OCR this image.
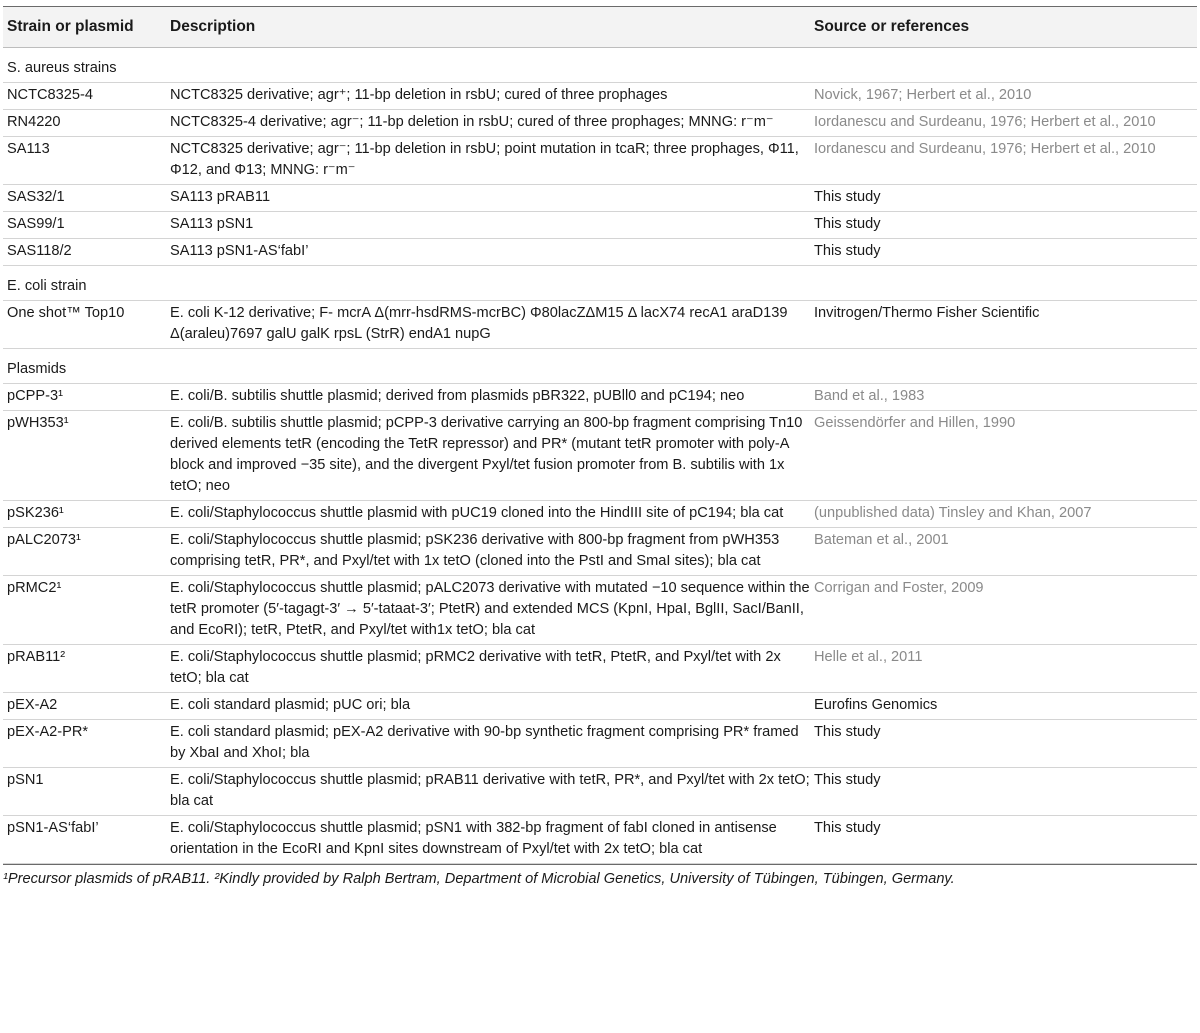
Strain or plasmid	Description	Source or references
S. aureus strains		
NCTC8325-4	NCTC8325 derivative; agr⁺; 11-bp deletion in rsbU; cured of three prophages	Novick, 1967; Herbert et al., 2010
RN4220	NCTC8325-4 derivative; agr⁻; 11-bp deletion in rsbU; cured of three prophages; MNNG: r⁻m⁻	Iordanescu and Surdeanu, 1976; Herbert et al., 2010
SA113	NCTC8325 derivative; agr⁻; 11-bp deletion in rsbU; point mutation in tcaR; three prophages, Φ11, Φ12, and Φ13; MNNG: r⁻m⁻	Iordanescu and Surdeanu, 1976; Herbert et al., 2010
SAS32/1	SA113 pRAB11	This study
SAS99/1	SA113 pSN1	This study
SAS118/2	SA113 pSN1-AS‘fabI’	This study
E. coli strain		
One shot™ Top10	E. coli K-12 derivative; F- mcrA Δ(mrr-hsdRMS-mcrBC) Φ80lacZΔM15 Δ lacX74 recA1 araD139 Δ(araleu)7697 galU galK rpsL (StrR) endA1 nupG	Invitrogen/Thermo Fisher Scientific
Plasmids		
pCPP-3¹	E. coli/B. subtilis shuttle plasmid; derived from plasmids pBR322, pUBll0 and pC194; neo	Band et al., 1983
pWH353¹	E. coli/B. subtilis shuttle plasmid; pCPP-3 derivative carrying an 800-bp fragment comprising Tn10 derived elements tetR (encoding the TetR repressor) and PR* (mutant tetR promoter with poly-A block and improved −35 site), and the divergent Pxyl/tet fusion promoter from B. subtilis with 1x tetO; neo	Geissendörfer and Hillen, 1990
pSK236¹	E. coli/Staphylococcus shuttle plasmid with pUC19 cloned into the HindIII site of pC194; bla cat	(unpublished data) Tinsley and Khan, 2007
pALC2073¹	E. coli/Staphylococcus shuttle plasmid; pSK236 derivative with 800-bp fragment from pWH353 comprising tetR, PR*, and Pxyl/tet with 1x tetO (cloned into the PstI and SmaI sites); bla cat	Bateman et al., 2001
pRMC2¹	E. coli/Staphylococcus shuttle plasmid; pALC2073 derivative with mutated −10 sequence within the tetR promoter (5′-tagagt-3′ → 5′-tataat-3′; PtetR) and extended MCS (KpnI, HpaI, BglII, SacI/BanII, and EcoRI); tetR, PtetR, and Pxyl/tet with1x tetO; bla cat	Corrigan and Foster, 2009
pRAB11²	E. coli/Staphylococcus shuttle plasmid; pRMC2 derivative with tetR, PtetR, and Pxyl/tet with 2x tetO; bla cat	Helle et al., 2011
pEX-A2	E. coli standard plasmid; pUC ori; bla	Eurofins Genomics
pEX-A2-PR*	E. coli standard plasmid; pEX-A2 derivative with 90-bp synthetic fragment comprising PR* framed by XbaI and XhoI; bla	This study
pSN1	E. coli/Staphylococcus shuttle plasmid; pRAB11 derivative with tetR, PR*, and Pxyl/tet with 2x tetO; bla cat	This study
pSN1-AS‘fabI’	E. coli/Staphylococcus shuttle plasmid; pSN1 with 382-bp fragment of fabI cloned in antisense orientation in the EcoRI and KpnI sites downstream of Pxyl/tet with 2x tetO; bla cat	This study
¹Precursor plasmids of pRAB11. ²Kindly provided by Ralph Bertram, Department of Microbial Genetics, University of Tübingen, Tübingen, Germany.
